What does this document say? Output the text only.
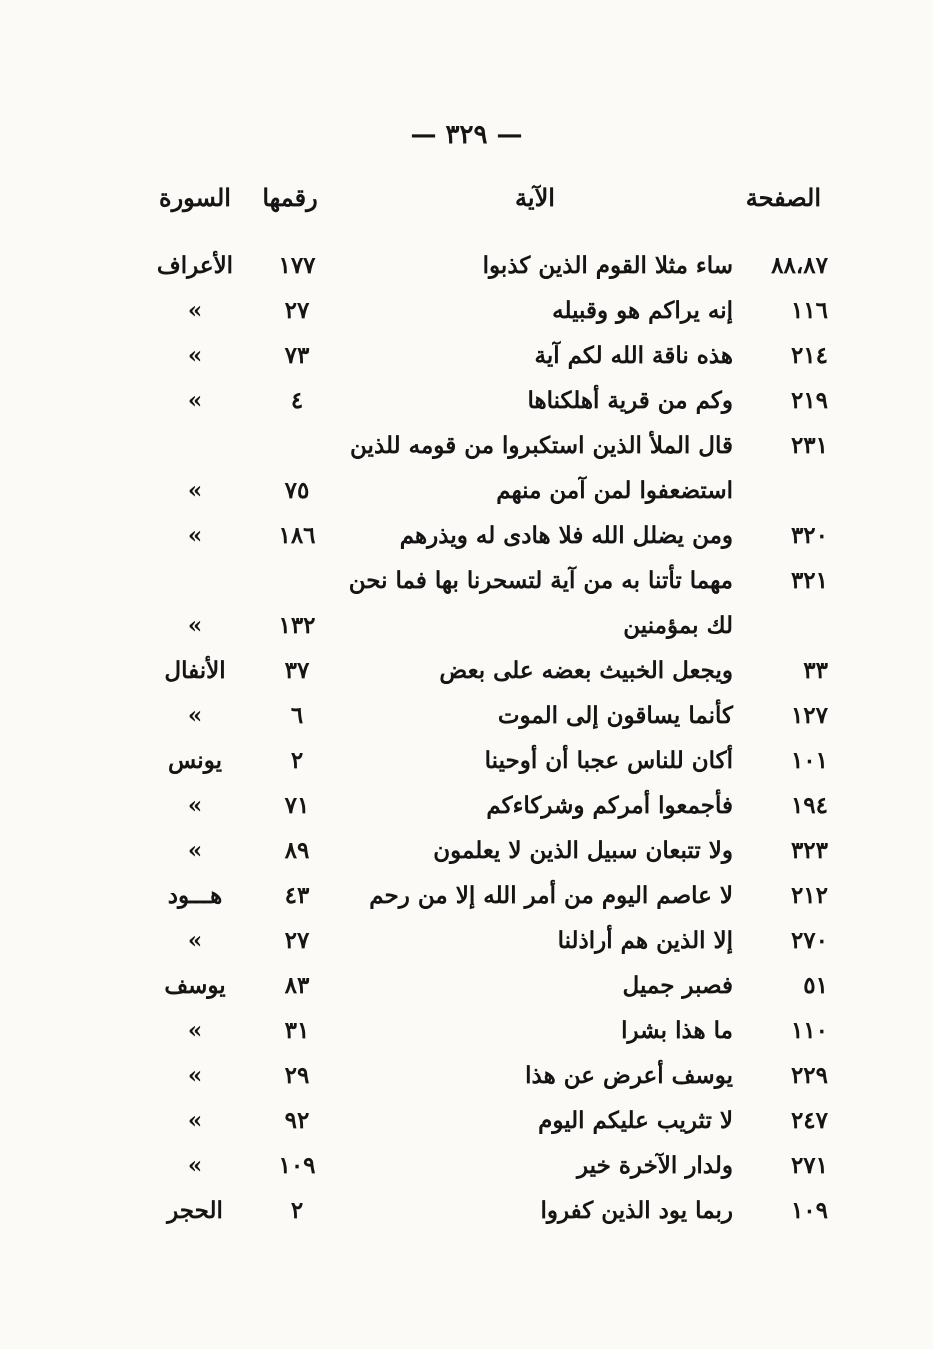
— ٣٢٩ —
الصفحة
الآية
رقمها
السورة
٨٨،٨٧
ساء مثلا القوم الذين كذبوا
١٧٧
الأعراف
١١٦
إنه يراكم هو وقبيله
٢٧
»
٢١٤
هذه ناقة الله لكم آية
٧٣
»
٢١٩
وكم من قرية أهلكناها
٤
»
٢٣١
قال الملأ الذين استكبروا من قومه للذين
استضعفوا لمن آمن منهم
٧٥
»
٣٢٠
ومن يضلل الله فلا هادى له ويذرهم
١٨٦
»
٣٢١
مهما تأتنا به من آية لتسحرنا بها فما نحن
لك بمؤمنين
١٣٢
»
٣٣
ويجعل الخبيث بعضه على بعض
٣٧
الأنفال
١٢٧
كأنما يساقون إلى الموت
٦
»
١٠١
أكان للناس عجبا أن أوحينا
٢
يونس
١٩٤
فأجمعوا أمركم وشركاءكم
٧١
»
٣٢٣
ولا تتبعان سبيل الذين لا يعلمون
٨٩
»
٢١٢
لا عاصم اليوم من أمر الله إلا من رحم
٤٣
هـــود
٢٧٠
إلا الذين هم أراذلنا
٢٧
»
٥١
فصبر جميل
٨٣
يوسف
١١٠
ما هذا بشرا
٣١
»
٢٢٩
يوسف أعرض عن هذا
٢٩
»
٢٤٧
لا تثريب عليكم اليوم
٩٢
»
٢٧١
ولدار الآخرة خير
١٠٩
»
١٠٩
ربما يود الذين كفروا
٢
الحجر
